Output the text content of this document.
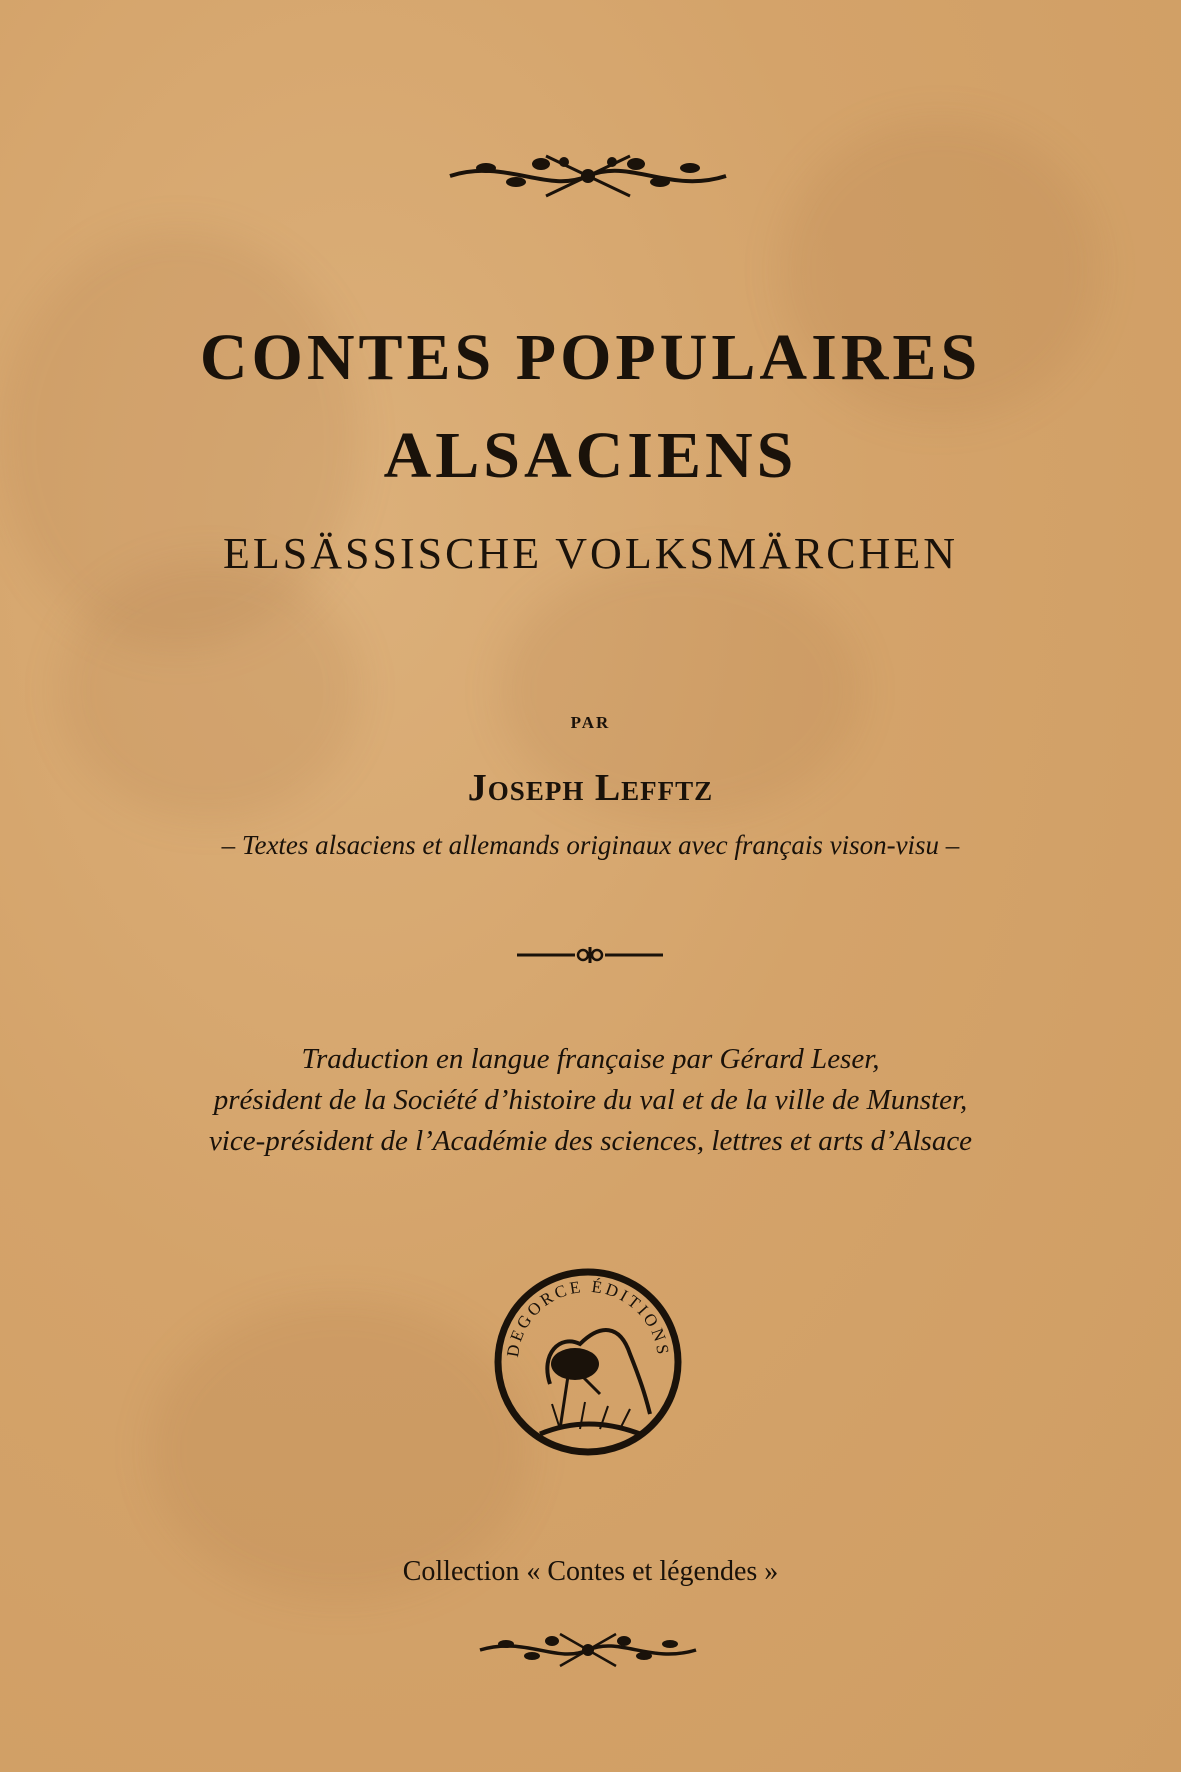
CONTES POPULAIRES
ALSACIENS
ELSÄSSISCHE VOLKSMÄRCHEN
par
Joseph Lefftz
– Textes alsaciens et allemands originaux avec français vison-visu –
Traduction en langue française par Gérard Leser,
président de la Société d’histoire du val et de la ville de Munster,
vice-président de l’Académie des sciences, lettres et arts d’Alsace
DEGORCE ÉDITIONS
Collection « Contes et légendes »
